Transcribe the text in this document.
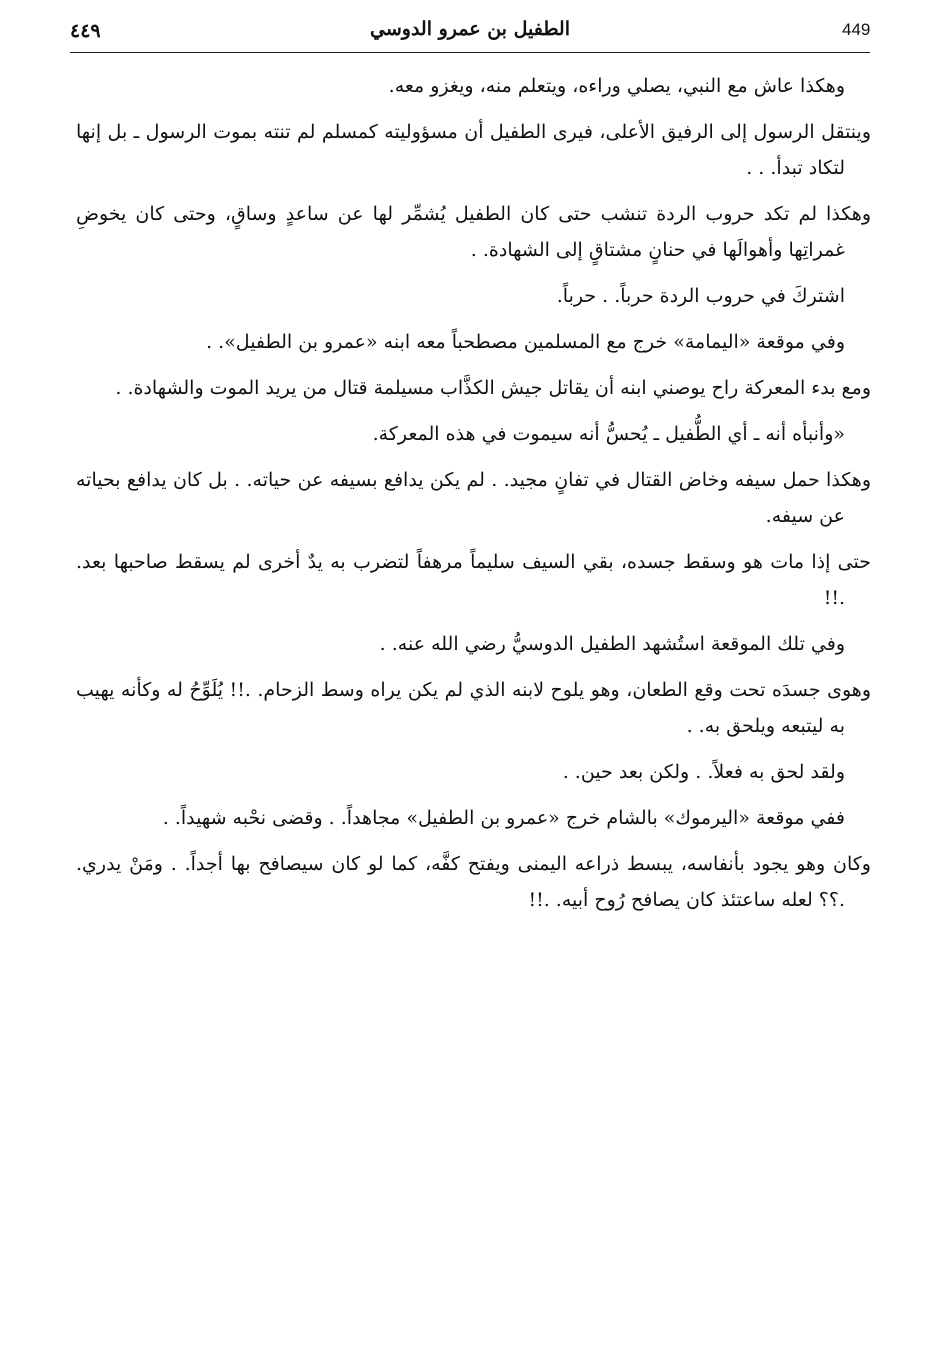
449
الطفيل بن عمرو الدوسي
٤٤٩

وهكذا عاش مع النبي، يصلي وراءه، ويتعلم منه، ويغزو معه.

وينتقل الرسول إلى الرفيق الأعلى، فيرى الطفيل أن مسؤوليته كمسلم لم تنته بموت الرسول ـ بل إنها لتكاد تبدأ. . .

وهكذا لم تكد حروب الردة تنشب حتى كان الطفيل يُشمِّر لها عن ساعدٍ وساقٍ، وحتى كان يخوضِ غمراتِها وأهوالَها في حنانٍ مشتاقٍ إلى الشهادة. .

اشتركَ في حروب الردة حرباً. . حرباً.

وفي موقعة «اليمامة» خرج مع المسلمين مصطحباً معه ابنه «عمرو بن الطفيل». .

ومع بدء المعركة راح يوصني ابنه أن يقاتل جيش الكذَّاب مسيلمة قتال من يريد الموت والشهادة. .

«وأنبأه أنه ـ أي الطُّفيل ـ يُحسُّ أنه سيموت في هذه المعركة.

وهكذا حمل سيفه وخاض القتال في تفانٍ مجيد. . لم يكن يدافع بسيفه عن حياته. . بل كان يدافع بحياته عن سيفه.

حتى إذا مات هو وسقط جسده، بقي السيف سليماً مرهفاً لتضرب به يدٌ أخرى لم يسقط صاحبها بعد. .!!

وفي تلك الموقعة استُشهد الطفيل الدوسيُّ رضي الله عنه. .

وهوى جسدَه تحت وقع الطعان، وهو يلوح لابنه الذي لم يكن يراه وسط الزحام. .!! يُلَوِّحُ له وكأنه يهيب به ليتبعه ويلحق به. .

ولقد لحق به فعلاً. . ولكن بعد حين. .

ففي موقعة «اليرموك» بالشام خرج «عمرو بن الطفيل» مجاهداً. . وقضى نحْبه شهيداً. .

وكان وهو يجود بأنفاسه، يبسط ذراعه اليمنى ويفتح كفَّه، كما لو كان سيصافح بها أجداً. . ومَنْ يدري. .؟؟ لعله ساعتئذ كان يصافح رُوح أبيه. .!!
